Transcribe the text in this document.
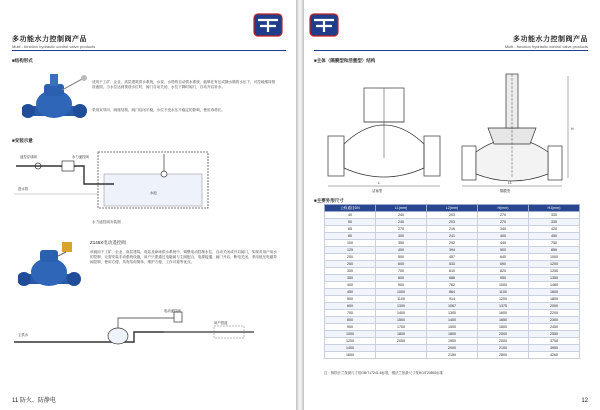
多功能水力控制阀产品
Multi - function hydraulic control valve products
■结构形式
适用于工矿、企业、高层建筑供水系统，水泵、水塔的自动供水系统，能够在有压或静水箱的水压下，可控地维持预设液面，当水位达到预设水位时，阀门自动关闭，水位下降时阀门，自动开启补水。
采用双导向、阀座结构，阀门启闭平稳，水位不受水压不稳定的影响，使用寿命长。
■安装示意
遥控浮球阀	水力遥控阀
水池
进水管
水力遥控阀安装图
Z145X电动遥控阀
该阀用于工矿、企业、高层建筑，电站及商场供水系统中，调整电动控制水位，自动关闭或开启阀门，实现对用户用水的控制，无需安装手动系统设施，用户只需通过电磁阀与主阀配合，电源接通，阀门开启，断电关闭，采用低压电磁导阀控制，使用方便，具有结构简单、维护方便、工作可靠等优点。
主供水
电动遥控阀
用户管道
11 防火、防静电
多功能水力控制阀产品
Multi - function hydraulic control valve products
■主体（隔膜型和活塞型）结构
L
活塞型
H
L1
隔膜型
■主要外形尺寸
公称通径DN	L1(mm)	L2(mm)	H(mm)	H1(mm)
40	240	203	270	330
50	240	203	270	330
65	270	216	340	420
80	300	241	400	450
100	350	292	440	750
125	400	394	500	850
200	500	457	640	1000
250	605	533	690	1200
300	700	610	820	1250
350	800	686	950	1350
400	900	762	1000	1460
450	1000	864	1100	1600
500	1100	914	1200	1800
600	1300	1067	1375	2000
700	1400	1300	1600	2200
800	1500	1400	1650	2300
900	1700	1500	1800	2450
1000	1800	1800	2000	2550
1200	2050	1900	2000	3750
1400		2000	2100	3950
1600		2150	2800	4260
注：铸铁法兰按最尺寸按GB/T17241.6标准，钢法兰按最尺寸按HG/T20592标准
12
